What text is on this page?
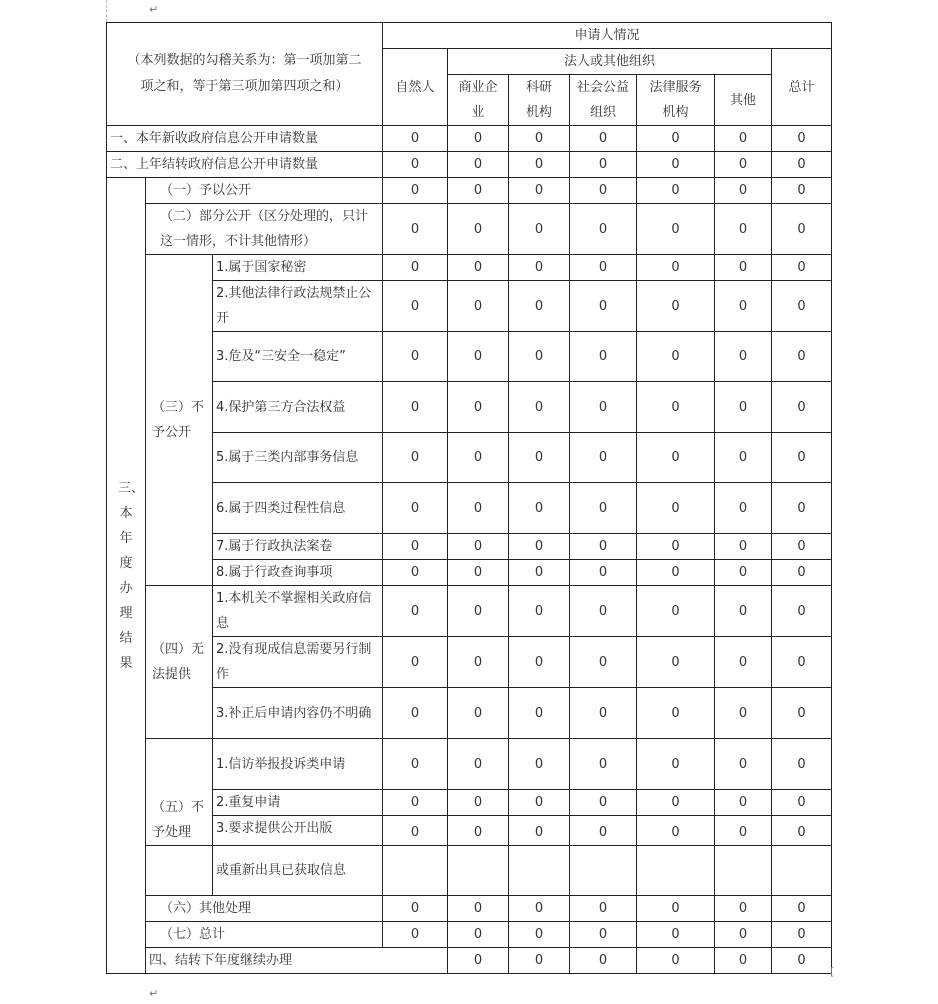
↵
（本列数据的勾稽关系为：第一项加第二项之和，等于第三项加第四项之和）			申请人情况							
			自然人	法人或其他组织					总计	
				商业企业	科研机构	社会公益组织	法律服务机构	其他		

一、本年新收政府信息公开申请数量			0	0	0	0	0	0	0	
二、上年结转政府信息公开申请数量			0	0	0	0	0	0	0	
三、本年度办理结果	（一）予以公开		0	0	0	0	0	0	0	
	（二）部分公开（区分处理的，只计这一情形，不计其他情形）		0	0	0	0	0	0	0	
	（三）不予公开	1.属于国家秘密	0	0	0	0	0	0	0	
		2.其他法律行政法规禁止公开	0	0	0	0	0	0	0	
		3.危及“三安全一稳定”	0	0	0	0	0	0	0	
		4.保护第三方合法权益	0	0	0	0	0	0	0	
		5.属于三类内部事务信息	0	0	0	0	0	0	0	
		6.属于四类过程性信息	0	0	0	0	0	0	0	
		7.属于行政执法案卷	0	0	0	0	0	0	0	
		8.属于行政查询事项	0	0	0	0	0	0	0	
	（四）无法提供	1.本机关不掌握相关政府信息	0	0	0	0	0	0	0	
		2.没有现成信息需要另行制作	0	0	0	0	0	0	0	
		3.补正后申请内容仍不明确	0	0	0	0	0	0	0	
	（五）不予处理	1.信访举报投诉类申请	0	0	0	0	0	0	0	
		2.重复申请	0	0	0	0	0	0	0	
		3.要求提供公开出版	0	0	0	0	0	0	0	
		或重新出具已获取信息								
	（六）其他处理		0	0	0	0	0	0	0	
	（七）总计		0	0	0	0	0	0	0	
	四、结转下年度继续办理			0	0	0	0	0	0	
[
↵
